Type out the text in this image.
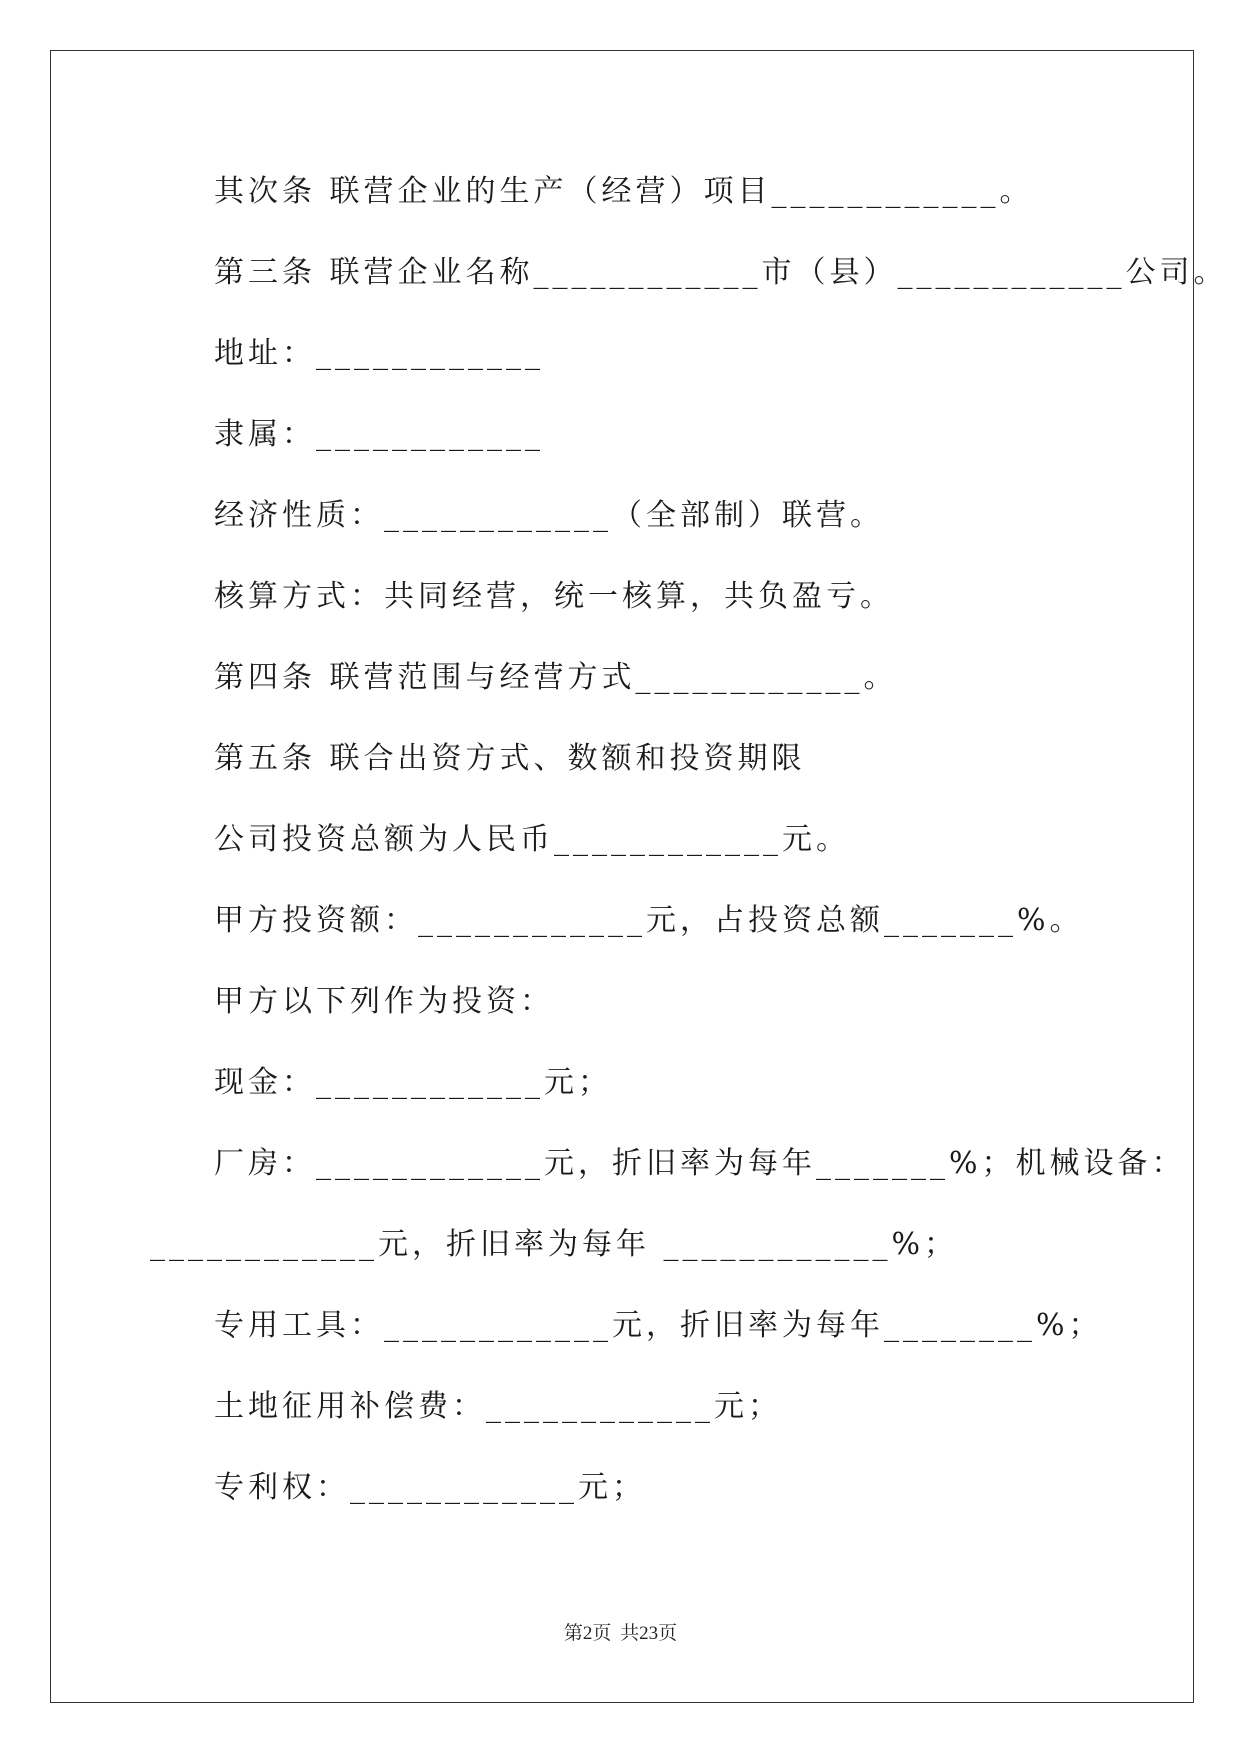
其次条 联营企业的生产（经营）项目____________。
第三条 联营企业名称____________市（县）____________公司。
地址：____________
隶属：____________
经济性质：____________（全部制）联营。
核算方式：共同经营，统一核算，共负盈亏。
第四条 联营范围与经营方式____________。
第五条 联合出资方式、数额和投资期限
公司投资总额为人民币____________元。
甲方投资额：____________元，占投资总额_______%。
甲方以下列作为投资：
现金：____________元；
厂房：____________元，折旧率为每年_______%；机械设备：
____________元，折旧率为每年 ____________%；
专用工具：____________元，折旧率为每年________%；
土地征用补偿费：____________元；
专利权：____________元；
第2页 共23页
